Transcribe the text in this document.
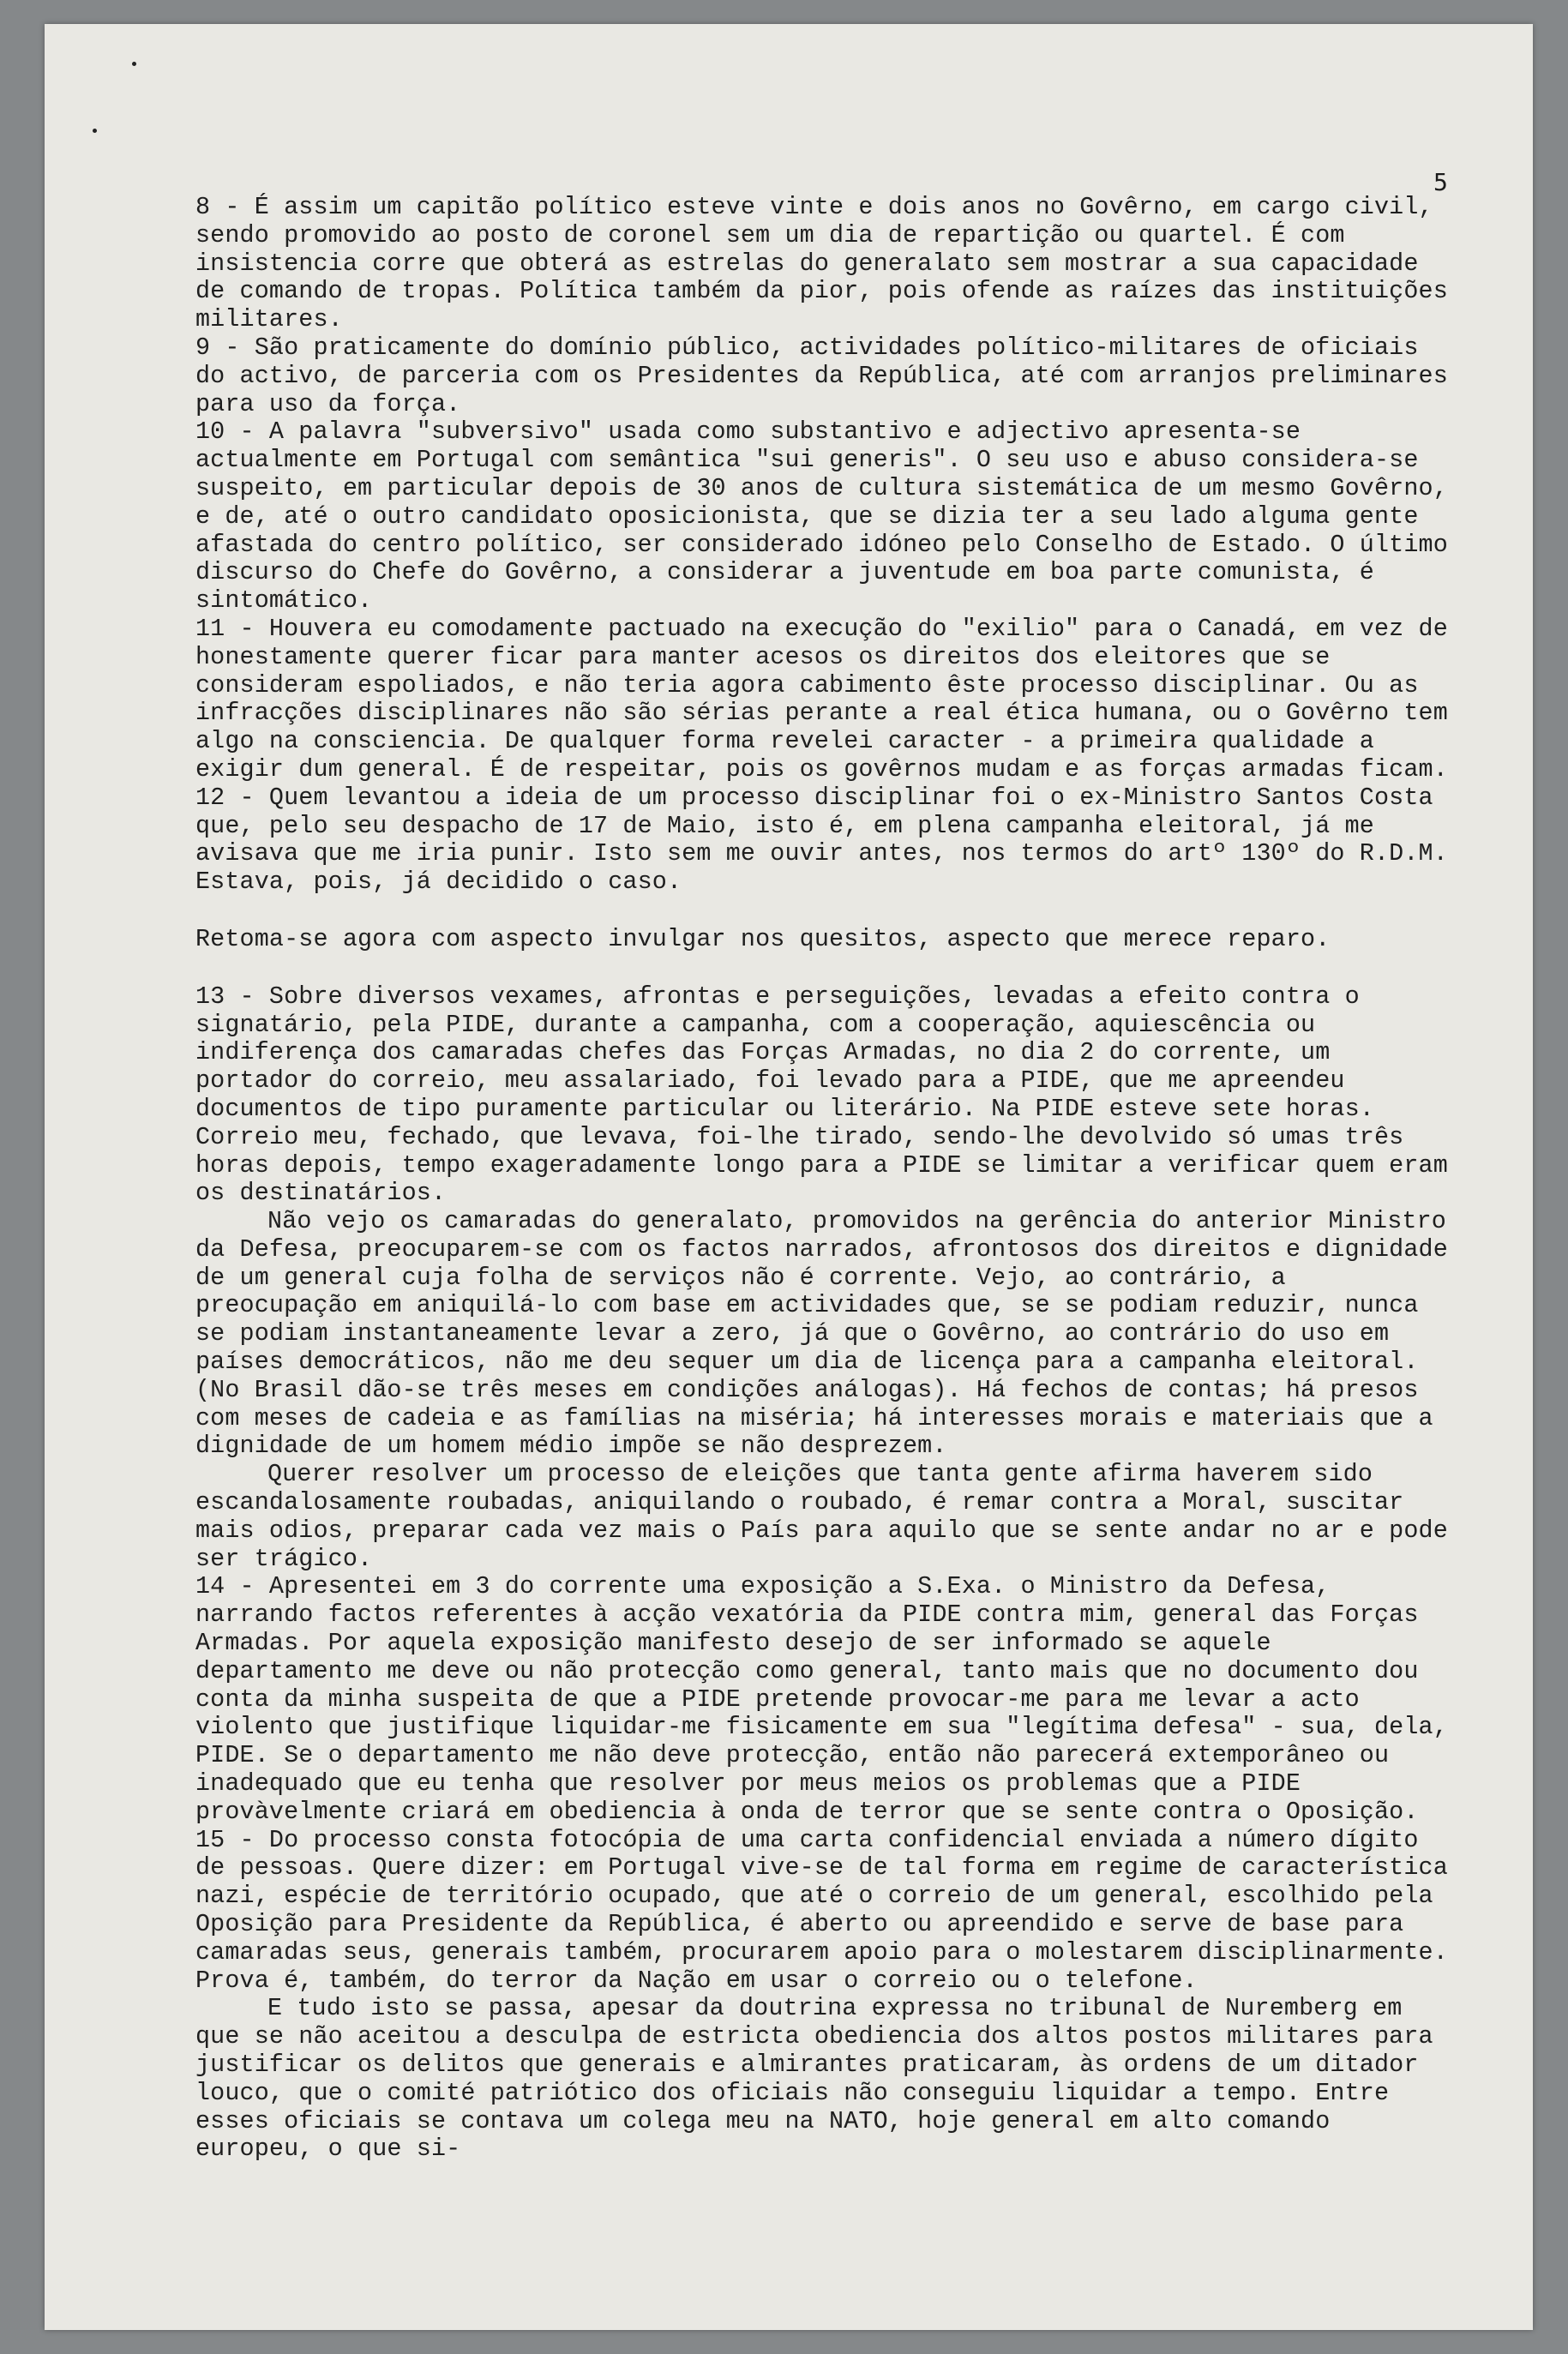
5

8 - É assim um capitão político esteve vinte e dois anos no Govêrno, em cargo civil, sendo promovido ao posto de coronel sem um dia de repartição ou quartel. É com insistencia corre que obterá as estrelas do generalato sem mostrar a sua capacidade de comando de tropas. Política também da pior, pois ofende as raízes das instituições militares.

9 - São praticamente do domínio público, actividades político-militares de oficiais do activo, de parceria com os Presidentes da República, até com arranjos preliminares para uso da força.

10 - A palavra "subversivo" usada como substantivo e adjectivo apresenta-se actualmente em Portugal com semântica "sui generis". O seu uso e abuso considera-se suspeito, em particular depois de 30 anos de cultura sistemática de um mesmo Govêrno, e de, até o outro candidato oposicionista, que se dizia ter a seu lado alguma gente afastada do centro político, ser considerado idóneo pelo Conselho de Estado. O último discurso do Chefe do Govêrno, a considerar a juventude em boa parte comunista, é sintomático.

11 - Houvera eu comodamente pactuado na execução do "exilio" para o Canadá, em vez de honestamente querer ficar para manter acesos os direitos dos eleitores que se consideram espoliados, e não teria agora cabimento êste processo disciplinar. Ou as infracções disciplinares não são sérias perante a real ética humana, ou o Govêrno tem algo na consciencia. De qualquer forma revelei caracter - a primeira qualidade a exigir dum general. É de respeitar, pois os govêrnos mudam e as forças armadas ficam.

12 - Quem levantou a ideia de um processo disciplinar foi o ex-Ministro Santos Costa que, pelo seu despacho de 17 de Maio, isto é, em plena campanha eleitoral, já me avisava que me iria punir. Isto sem me ouvir antes, nos termos do artº 130º do R.D.M. Estava, pois, já decidido o caso.

Retoma-se agora com aspecto invulgar nos quesitos, aspecto que merece reparo.

13 - Sobre diversos vexames, afrontas e perseguições, levadas a efeito contra o signatário, pela PIDE, durante a campanha, com a cooperação, aquiescência ou indiferença dos camaradas chefes das Forças Armadas, no dia 2 do corrente, um portador do correio, meu assalariado, foi levado para a PIDE, que me apreendeu documentos de tipo puramente particular ou literário. Na PIDE esteve sete horas. Correio meu, fechado, que levava, foi-lhe tirado, sendo-lhe devolvido só umas três horas depois, tempo exageradamente longo para a PIDE se limitar a verificar quem eram os destinatários.

Não vejo os camaradas do generalato, promovidos na gerência do anterior Ministro da Defesa, preocuparem-se com os factos narrados, afrontosos dos direitos e dignidade de um general cuja folha de serviços não é corrente. Vejo, ao contrário, a preocupação em aniquilá-lo com base em actividades que, se se podiam reduzir, nunca se podiam instantaneamente levar a zero, já que o Govêrno, ao contrário do uso em países democráticos, não me deu sequer um dia de licença para a campanha eleitoral. (No Brasil dão-se três meses em condições análogas). Há fechos de contas; há presos com meses de cadeia e as famílias na miséria; há interesses morais e materiais que a dignidade de um homem médio impõe se não desprezem.

Querer resolver um processo de eleições que tanta gente afirma haverem sido escandalosamente roubadas, aniquilando o roubado, é remar contra a Moral, suscitar mais odios, preparar cada vez mais o País para aquilo que se sente andar no ar e pode ser trágico.

14 - Apresentei em 3 do corrente uma exposição a S.Exa. o Ministro da Defesa, narrando factos referentes à acção vexatória da PIDE contra mim, general das Forças Armadas. Por aquela exposição manifesto desejo de ser informado se aquele departamento me deve ou não protecção como general, tanto mais que no documento dou conta da minha suspeita de que a PIDE pretende provocar-me para me levar a acto violento que justifique liquidar-me fisicamente em sua "legítima defesa" - sua, dela, PIDE. Se o departamento me não deve protecção, então não parecerá extemporâneo ou inadequado que eu tenha que resolver por meus meios os problemas que a PIDE provàvelmente criará em obediencia à onda de terror que se sente contra o Oposição.

15 - Do processo consta fotocópia de uma carta confidencial enviada a número dígito de pessoas. Quere dizer: em Portugal vive-se de tal forma em regime de característica nazi, espécie de território ocupado, que até o correio de um general, escolhido pela Oposição para Presidente da República, é aberto ou apreendido e serve de base para camaradas seus, generais também, procurarem apoio para o molestarem disciplinarmente. Prova é, também, do terror da Nação em usar o correio ou o telefone.

E tudo isto se passa, apesar da doutrina expressa no tribunal de Nuremberg em que se não aceitou a desculpa de estricta obediencia dos altos postos militares para justificar os delitos que generais e almirantes praticaram, às ordens de um ditador louco, que o comité patriótico dos oficiais não conseguiu liquidar a tempo. Entre esses oficiais se contava um colega meu na NATO, hoje general em alto comando europeu, o que si-
